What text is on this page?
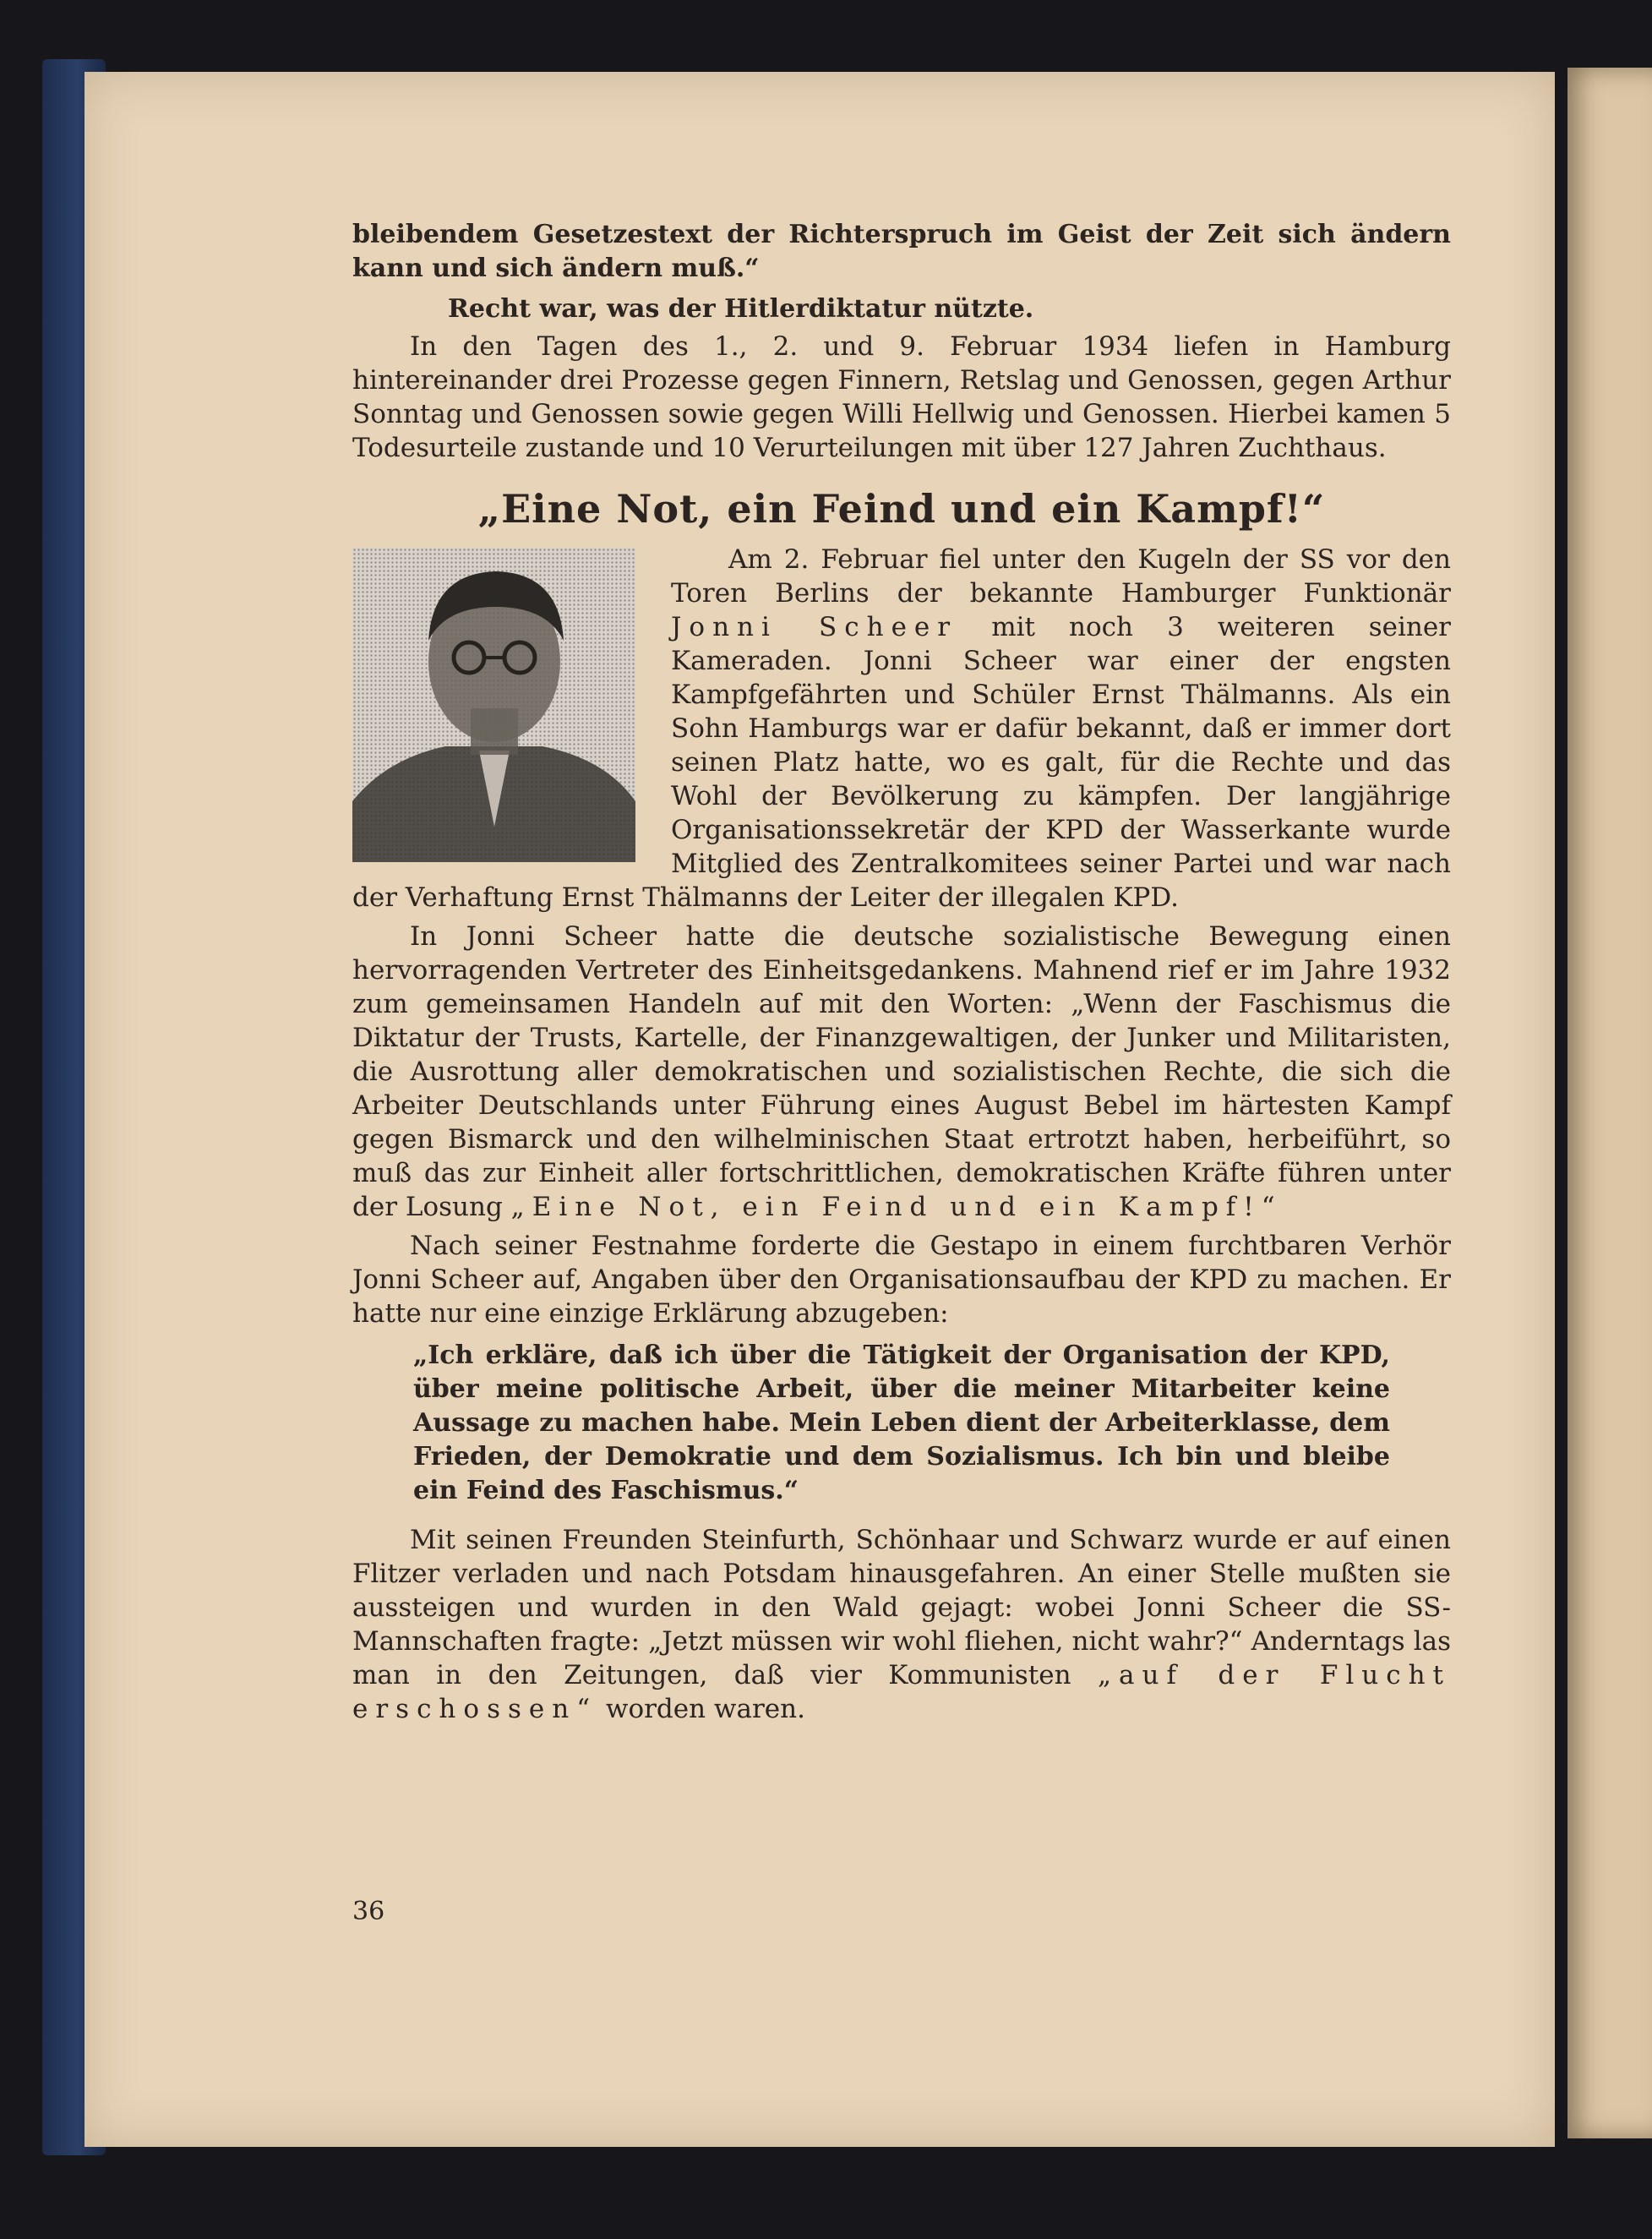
bleibendem Gesetzestext der Richterspruch im Geist der Zeit sich ändern kann und sich ändern muß.“

Recht war, was der Hitlerdiktatur nützte.

In den Tagen des 1., 2. und 9. Februar 1934 liefen in Hamburg hintereinander drei Prozesse gegen Finnern, Retslag und Genossen, gegen Arthur Sonntag und Genossen sowie gegen Willi Hellwig und Genossen. Hierbei kamen 5 Todesurteile zustande und 10 Verurteilungen mit über 127 Jahren Zuchthaus.

„Eine Not, ein Feind und ein Kampf!“

Am 2. Februar fiel unter den Kugeln der SS vor den Toren Berlins der bekannte Hamburger Funktionär Jonni Scheer mit noch 3 weiteren seiner Kameraden. Jonni Scheer war einer der engsten Kampfgefährten und Schüler Ernst Thälmanns. Als ein Sohn Hamburgs war er dafür bekannt, daß er immer dort seinen Platz hatte, wo es galt, für die Rechte und das Wohl der Bevölkerung zu kämpfen. Der langjährige Organisationssekretär der KPD der Wasserkante wurde Mitglied des Zentralkomitees seiner Partei und war nach der Verhaftung Ernst Thälmanns der Leiter der illegalen KPD.

In Jonni Scheer hatte die deutsche sozialistische Bewegung einen hervorragenden Vertreter des Einheitsgedankens. Mahnend rief er im Jahre 1932 zum gemeinsamen Handeln auf mit den Worten: „Wenn der Faschismus die Diktatur der Trusts, Kartelle, der Finanzgewaltigen, der Junker und Militaristen, die Ausrottung aller demokratischen und sozialistischen Rechte, die sich die Arbeiter Deutschlands unter Führung eines August Bebel im härtesten Kampf gegen Bismarck und den wilhelminischen Staat ertrotzt haben, herbeiführt, so muß das zur Einheit aller fortschrittlichen, demokratischen Kräfte führen unter der Losung „Eine Not, ein Feind und ein Kampf!“

Nach seiner Festnahme forderte die Gestapo in einem furchtbaren Verhör Jonni Scheer auf, Angaben über den Organisationsaufbau der KPD zu machen. Er hatte nur eine einzige Erklärung abzugeben:

„Ich erkläre, daß ich über die Tätigkeit der Organisation der KPD, über meine politische Arbeit, über die meiner Mitarbeiter keine Aussage zu machen habe. Mein Leben dient der Arbeiterklasse, dem Frieden, der Demokratie und dem Sozialismus. Ich bin und bleibe ein Feind des Faschismus.“

Mit seinen Freunden Steinfurth, Schönhaar und Schwarz wurde er auf einen Flitzer verladen und nach Potsdam hinausgefahren. An einer Stelle mußten sie aussteigen und wurden in den Wald gejagt: wobei Jonni Scheer die SS-Mannschaften fragte: „Jetzt müssen wir wohl fliehen, nicht wahr?“ Anderntags las man in den Zeitungen, daß vier Kommunisten „auf der Flucht erschossen“ worden waren.

36
